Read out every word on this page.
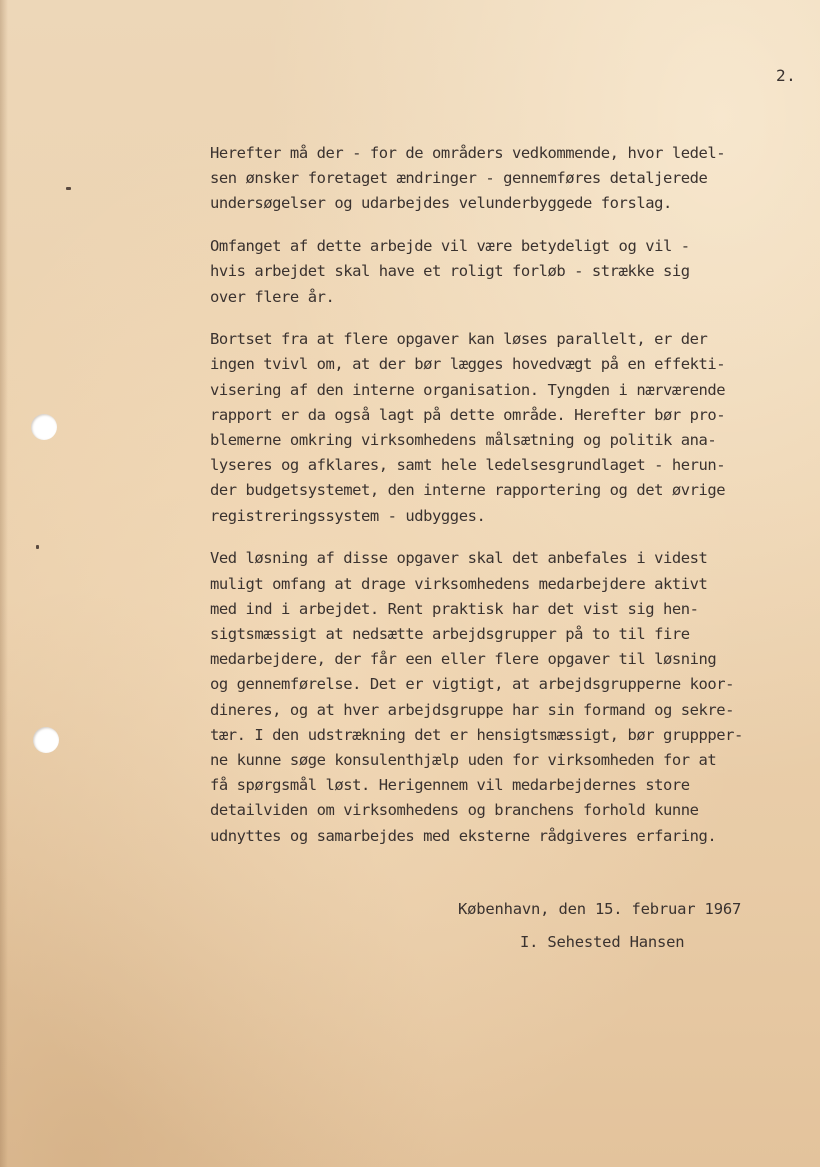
2.

Herefter må der - for de områders vedkommende, hvor ledel-
sen ønsker foretaget ændringer - gennemføres detaljerede
undersøgelser og udarbejdes velunderbyggede forslag.

Omfanget af dette arbejde vil være betydeligt og vil -
hvis arbejdet skal have et roligt forløb - strække sig
over flere år.

Bortset fra at flere opgaver kan løses parallelt, er der
ingen tvivl om, at der bør lægges hovedvægt på en effekti-
visering af den interne organisation. Tyngden i nærværende
rapport er da også lagt på dette område. Herefter bør pro-
blemerne omkring virksomhedens målsætning og politik ana-
lyseres og afklares, samt hele ledelsesgrundlaget - herun-
der budgetsystemet, den interne rapportering og det øvrige
registreringssystem - udbygges.

Ved løsning af disse opgaver skal det anbefales i videst
muligt omfang at drage virksomhedens medarbejdere aktivt
med ind i arbejdet. Rent praktisk har det vist sig hen-
sigtsmæssigt at nedsætte arbejdsgrupper på to til fire
medarbejdere, der får een eller flere opgaver til løsning
og gennemførelse. Det er vigtigt, at arbejdsgrupperne koor-
dineres, og at hver arbejdsgruppe har sin formand og sekre-
tær. I den udstrækning det er hensigtsmæssigt, bør gruppper-
ne kunne søge konsulenthjælp uden for virksomheden for at
få spørgsmål løst. Herigennem vil medarbejdernes store
detailviden om virksomhedens og branchens forhold kunne
udnyttes og samarbejdes med eksterne rådgiveres erfaring.

København, den 15. februar 1967
I. Sehested Hansen
